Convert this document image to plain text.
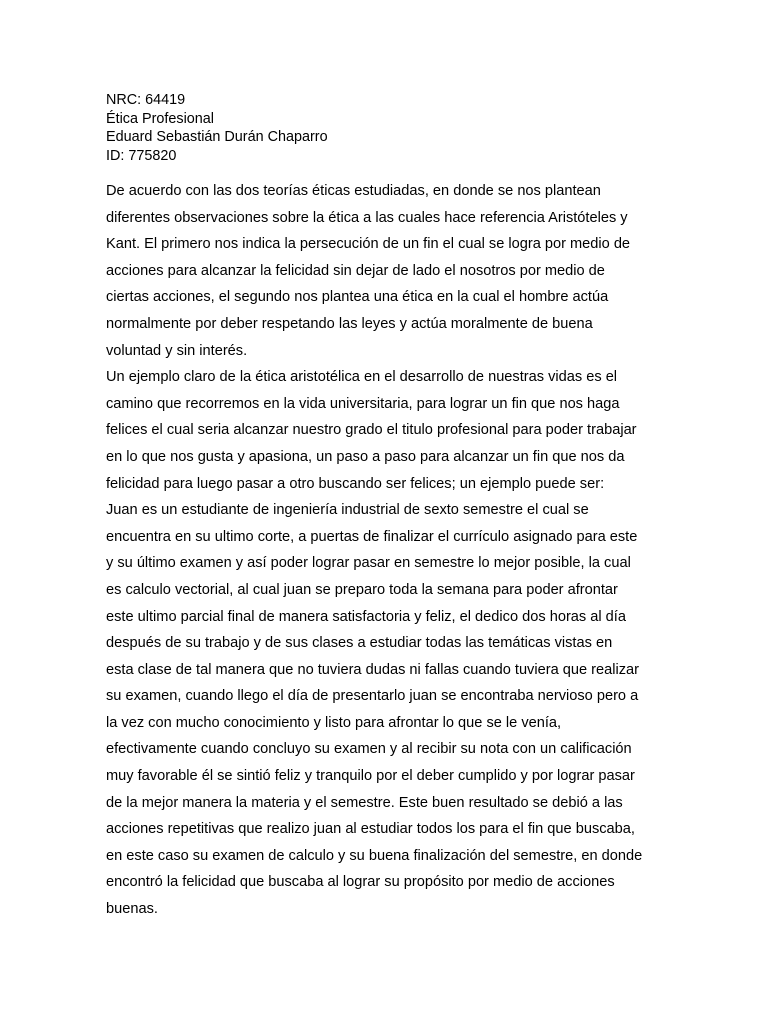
NRC: 64419
Ética Profesional
Eduard Sebastián Durán Chaparro
ID: 775820
De acuerdo con las dos teorías éticas estudiadas, en donde se nos plantean
diferentes observaciones sobre la ética a las cuales hace referencia Aristóteles y
Kant. El primero nos indica la persecución de un fin el cual se logra por medio de
acciones para alcanzar la felicidad sin dejar de lado el nosotros por medio de
ciertas acciones, el segundo nos plantea una ética en la cual el hombre actúa
normalmente por deber respetando las leyes y actúa moralmente de buena
voluntad y sin interés.
Un ejemplo claro de la ética aristotélica en el desarrollo de nuestras vidas es el
camino que recorremos en la vida universitaria, para lograr un fin que nos haga
felices el cual seria alcanzar nuestro grado el titulo profesional para poder trabajar
en lo que nos gusta y apasiona, un paso a paso para alcanzar un fin que nos da
felicidad para luego pasar a otro buscando ser felices; un ejemplo puede ser:
Juan es un estudiante de ingeniería industrial de sexto semestre el cual se
encuentra en su ultimo corte, a puertas de finalizar el currículo asignado para este
y su último examen y así poder lograr pasar en semestre lo mejor posible, la cual
es calculo vectorial, al cual juan se preparo toda la semana para poder afrontar
este ultimo parcial final de manera satisfactoria y feliz, el dedico dos horas al día
después de su trabajo y de sus clases a estudiar todas las temáticas vistas en
esta clase de tal manera que no tuviera dudas ni fallas cuando tuviera que realizar
su examen, cuando llego el día de presentarlo juan se encontraba nervioso pero a
la vez con mucho conocimiento y listo para afrontar lo que se le venía,
efectivamente cuando concluyo su examen y al recibir su nota con un calificación
muy favorable él se sintió feliz y tranquilo por el deber cumplido y por lograr pasar
de la mejor manera la materia y el semestre. Este buen resultado se debió a las
acciones repetitivas que realizo juan al estudiar todos los para el fin que buscaba,
en este caso su examen de calculo y su buena finalización del semestre, en donde
encontró la felicidad que buscaba al lograr su propósito por medio de acciones
buenas.
